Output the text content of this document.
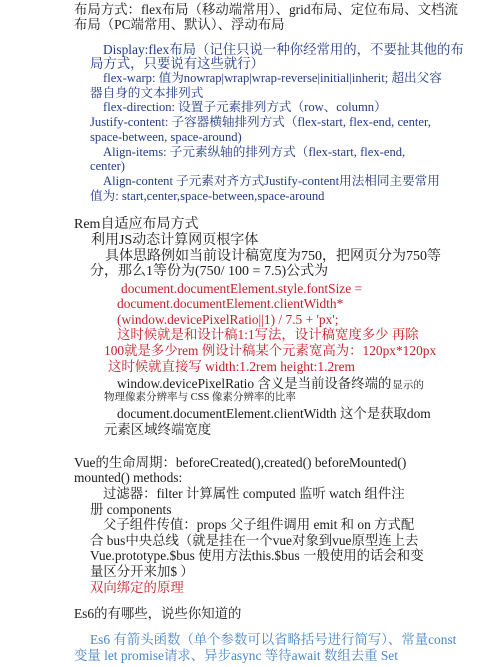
布局方式：flex布局（移动端常用）、grid布局、定位布局、文档流
布局（PC端常用、默认）、浮动布局
Display:flex布局（记住只说一种你经常用的，不要扯其他的布
局方式，只要说有这些就行）
flex-warp: 值为nowrap|wrap|wrap-reverse|initial|inherit; 超出父容
器自身的文本排列式
flex-direction: 设置子元素排列方式（row、column）
Justify-content: 子容器横轴排列方式（flex-start, flex-end, center,
space-between, space-around)
Align-items: 子元素纵轴的排列方式（flex-start, flex-end,
center)
Align-content 子元素对齐方式Justify-content用法相同主要常用
值为: start,center,space-between,space-around
Rem自适应布局方式
利用JS动态计算网页根字体
具体思路例如当前设计稿宽度为750，把网页分为750等
分，那么1等份为(750/ 100 = 7.5)公式为
document.documentElement.style.fontSize =
document.documentElement.clientWidth*
(window.devicePixelRatio||1) / 7.5 + 'px';
这时候就是和设计稿1:1写法，设计稿宽度多少 再除
100就是多少rem 例设计稿某个元素宽高为：120px*120px
这时候就直接写 width:1.2rem height:1.2rem
window.devicePixelRatio 含义是当前设备终端的显示的
物理像素分辨率与 CSS 像素分辨率的比率
document.documentElement.clientWidth 这个是获取dom
元素区域终端宽度
Vue的生命周期：beforeCreated(),created() beforeMounted()
mounted() methods:
过滤器：filter 计算属性 computed 监听 watch 组件注
册 components
父子组件传值：props 父子组件调用 emit 和 on 方式配
合 bus中央总线（就是挂在一个vue对象到vue原型连上去
Vue.prototype.$bus 使用方法this.$bus 一般使用的话会和变
量区分开来加$ ）
双向绑定的原理
Es6的有哪些，说些你知道的
Es6 有箭头函数（单个参数可以省略括号进行简写）、常量const
变量 let promise请求、异步async 等待await 数组去重 Set
